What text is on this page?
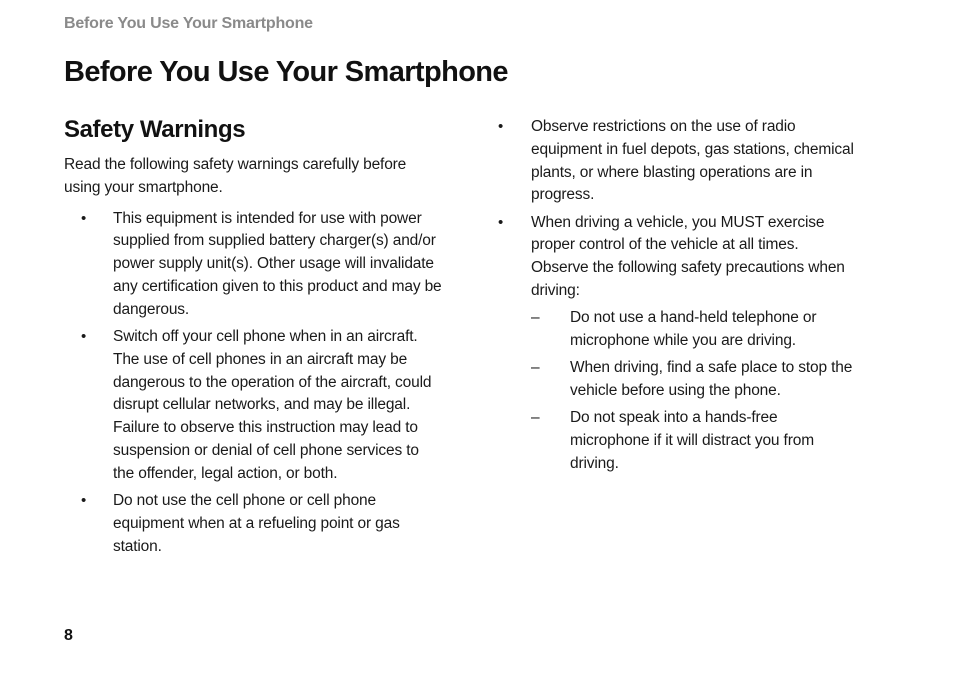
Before You Use Your Smartphone
Before You Use Your Smartphone
Safety Warnings

Read the following safety warnings carefully before using your smartphone.

• This equipment is intended for use with power supplied from supplied battery charger(s) and/or power supply unit(s). Other usage will invalidate any certification given to this product and may be dangerous.
• Switch off your cell phone when in an aircraft. The use of cell phones in an aircraft may be dangerous to the operation of the aircraft, could disrupt cellular networks, and may be illegal. Failure to observe this instruction may lead to suspension or denial of cell phone services to the offender, legal action, or both.
• Do not use the cell phone or cell phone equipment when at a refueling point or gas station.
• Observe restrictions on the use of radio equipment in fuel depots, gas stations, chemical plants, or where blasting operations are in progress.
• When driving a vehicle, you MUST exercise proper control of the vehicle at all times. Observe the following safety precautions when driving:
– Do not use a hand-held telephone or microphone while you are driving.
– When driving, find a safe place to stop the vehicle before using the phone.
– Do not speak into a hands-free microphone if it will distract you from driving.
8
